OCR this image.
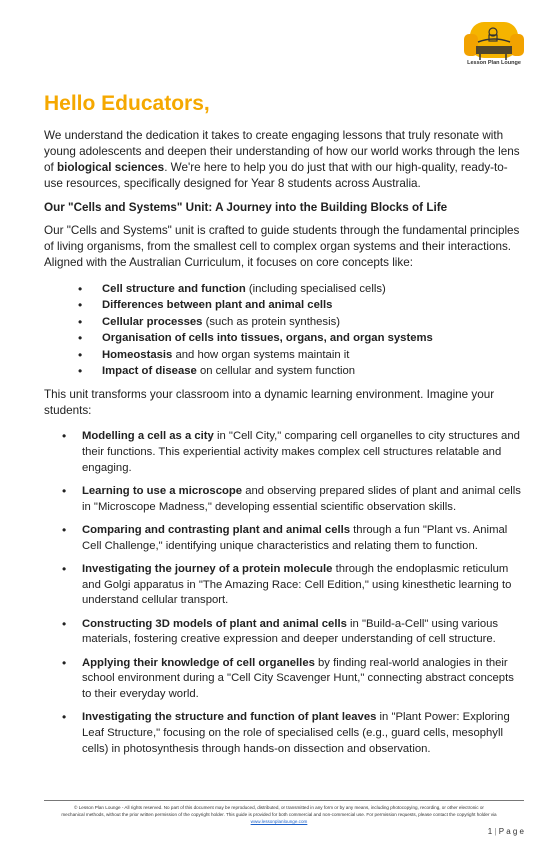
Lesson Plan Lounge
Hello Educators,

We understand the dedication it takes to create engaging lessons that truly resonate with young adolescents and deepen their understanding of how our world works through the lens of biological sciences. We're here to help you do just that with our high-quality, ready-to-use resources, specifically designed for Year 8 students across Australia.

Our "Cells and Systems" Unit: A Journey into the Building Blocks of Life

Our "Cells and Systems" unit is crafted to guide students through the fundamental principles of living organisms, from the smallest cell to complex organ systems and their interactions. Aligned with the Australian Curriculum, it focuses on core concepts like:

• Cell structure and function (including specialised cells)
• Differences between plant and animal cells
• Cellular processes (such as protein synthesis)
• Organisation of cells into tissues, organs, and organ systems
• Homeostasis and how organ systems maintain it
• Impact of disease on cellular and system function

This unit transforms your classroom into a dynamic learning environment. Imagine your students:

• Modelling a cell as a city in "Cell City," comparing cell organelles to city structures and their functions. This experiential activity makes complex cell structures relatable and engaging.
• Learning to use a microscope and observing prepared slides of plant and animal cells in "Microscope Madness," developing essential scientific observation skills.
• Comparing and contrasting plant and animal cells through a fun "Plant vs. Animal Cell Challenge," identifying unique characteristics and relating them to function.
• Investigating the journey of a protein molecule through the endoplasmic reticulum and Golgi apparatus in "The Amazing Race: Cell Edition," using kinesthetic learning to understand cellular transport.
• Constructing 3D models of plant and animal cells in "Build-a-Cell" using various materials, fostering creative expression and deeper understanding of cell structure.
• Applying their knowledge of cell organelles by finding real-world analogies in their school environment during a "Cell City Scavenger Hunt," connecting abstract concepts to their everyday world.
• Investigating the structure and function of plant leaves in "Plant Power: Exploring Leaf Structure," focusing on the role of specialised cells (e.g., guard cells, mesophyll cells) in photosynthesis through hands-on dissection and observation.
© Lesson Plan Lounge - All rights reserved. No part of this document may be reproduced, distributed, or transmitted in any form or by any means, including photocopying, recording, or other electronic or
mechanical methods, without the prior written permission of the copyright holder. This guide is provided for both commercial and non-commercial use. For permission requests, please contact the copyright holder via
www.lessonplanlounge.com
1 | P a g e
